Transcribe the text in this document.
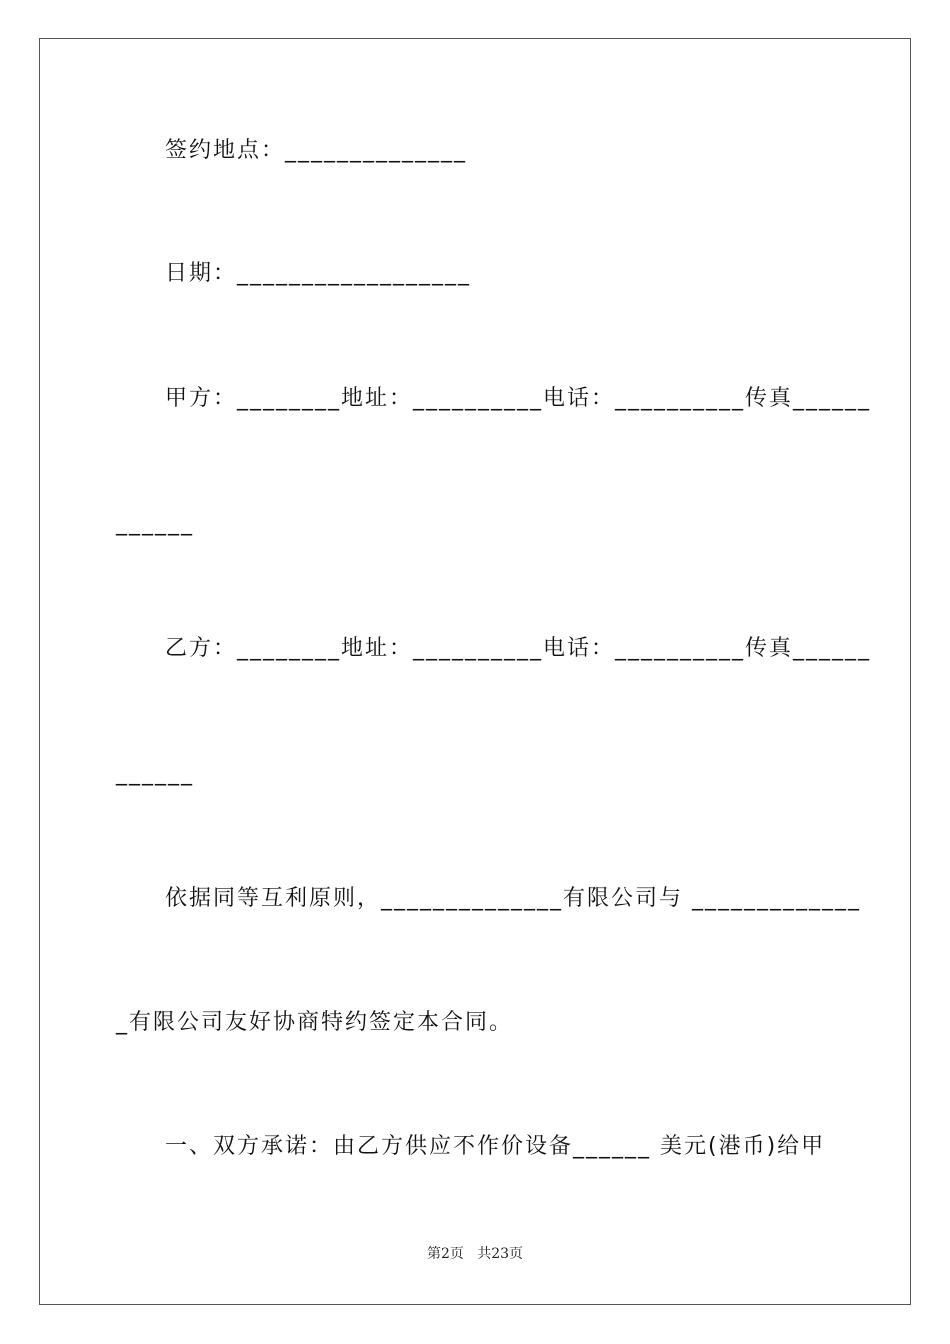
签约地点：______________
日期：__________________
甲方：________地址：__________电话：__________传真______
______
乙方：________地址：__________电话：__________传真______
______
依据同等互利原则，______________有限公司与 _____________
_有限公司友好协商特约签定本合同。
一、双方承诺：由乙方供应不作价设备______ 美元(港币)给甲
第2页   共23页
